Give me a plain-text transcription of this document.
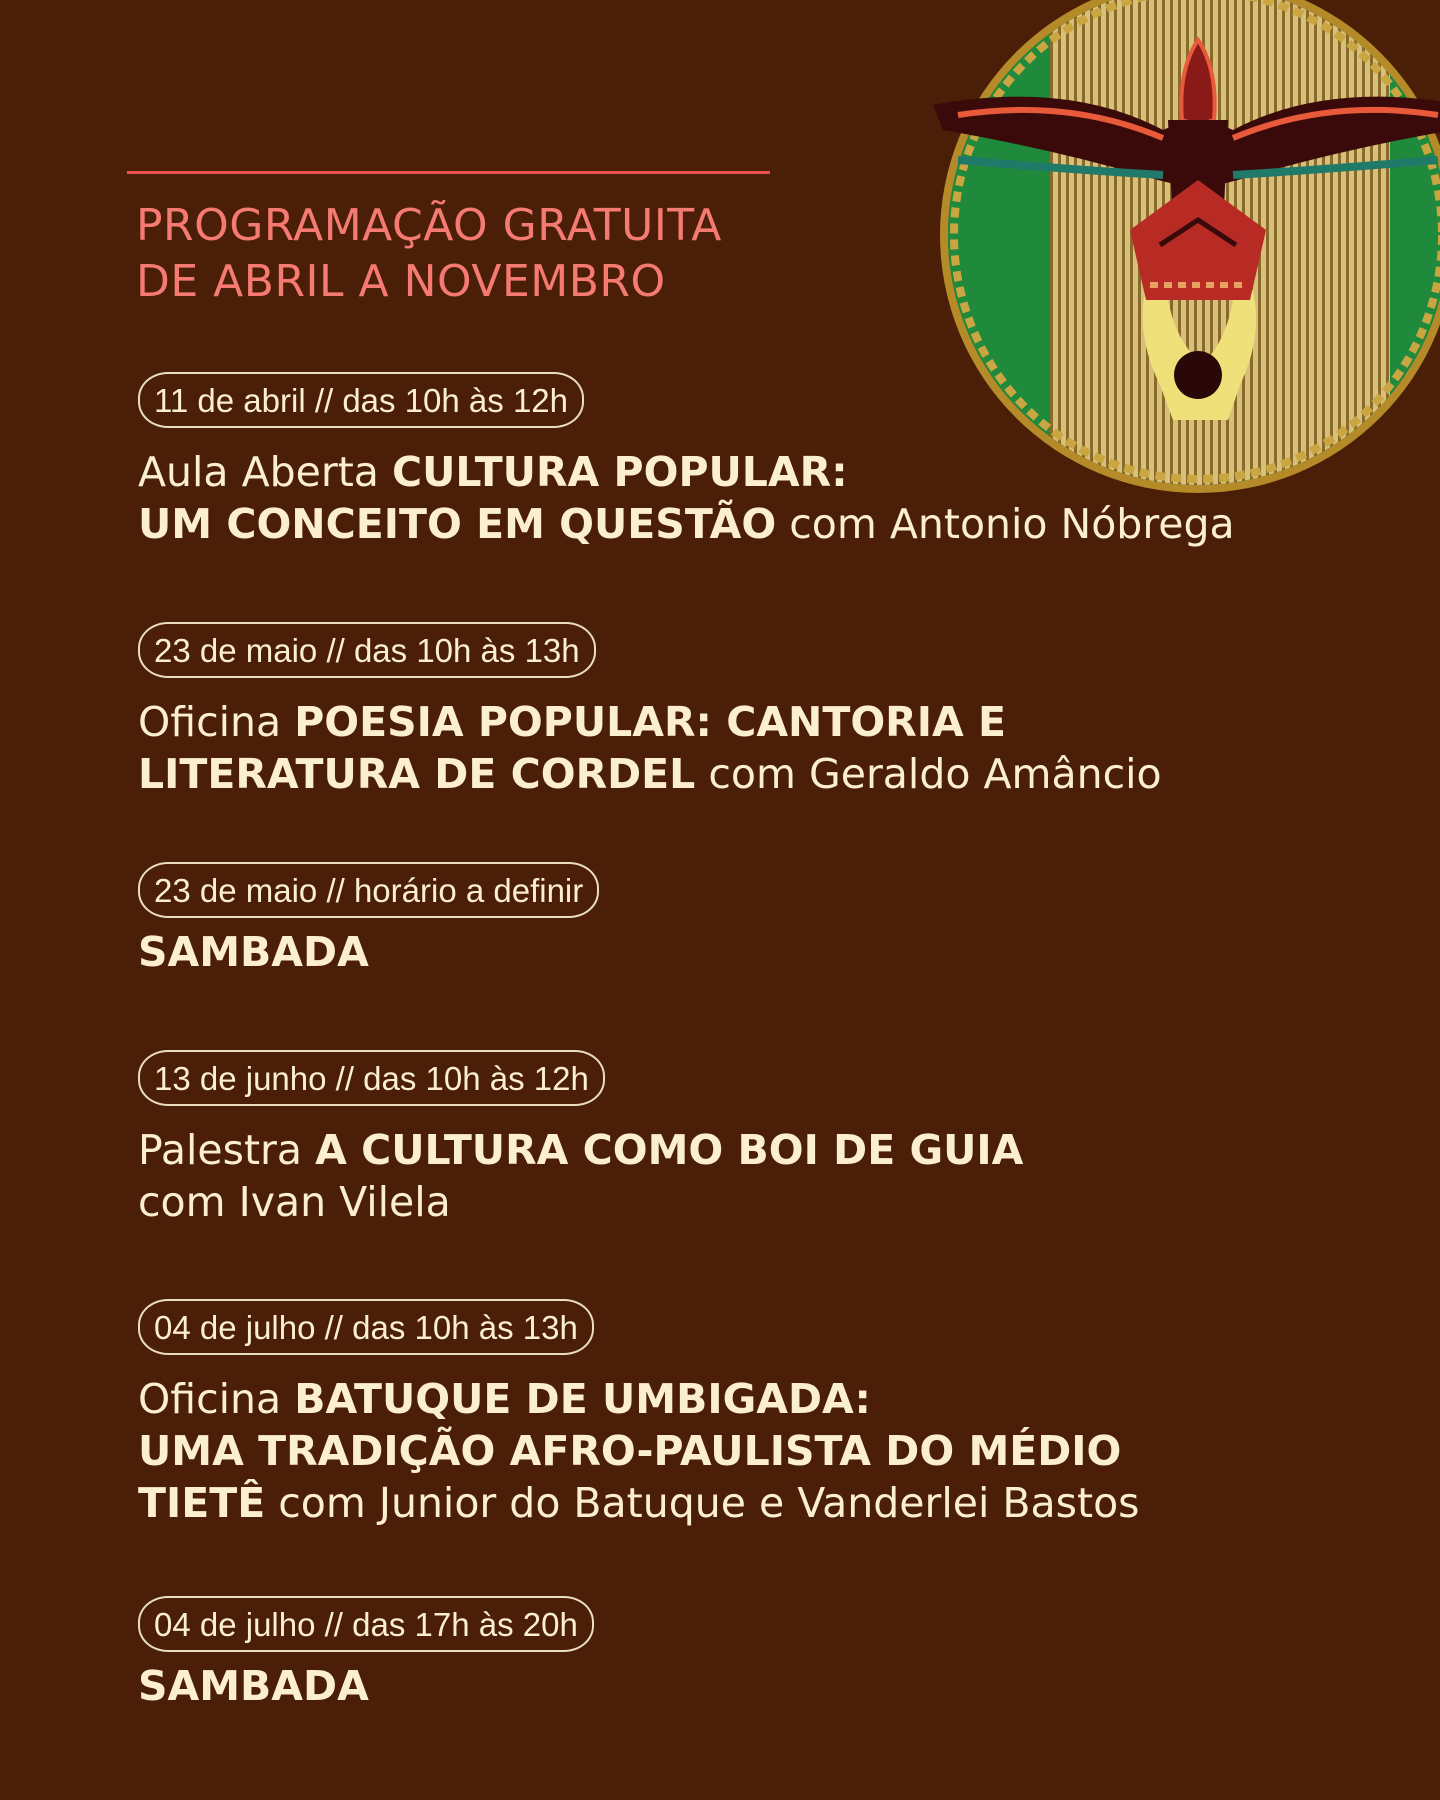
PROGRAMAÇÃO GRATUITA
DE ABRIL A NOVEMBRO
11 de abril // das 10h às 12h
Aula Aberta CULTURA POPULAR:
UM CONCEITO EM QUESTÃO com Antonio Nóbrega
23 de maio // das 10h às 13h
Oficina POESIA POPULAR: CANTORIA E
LITERATURA DE CORDEL com Geraldo Amâncio
23 de maio // horário a definir
SAMBADA
13 de junho // das 10h às 12h
Palestra A CULTURA COMO BOI DE GUIA
com Ivan Vilela
04 de julho // das 10h às 13h
Oficina BATUQUE DE UMBIGADA:
UMA TRADIÇÃO AFRO-PAULISTA DO MÉDIO
TIETÊ com Junior do Batuque e Vanderlei Bastos
04 de julho // das 17h às 20h
SAMBADA
